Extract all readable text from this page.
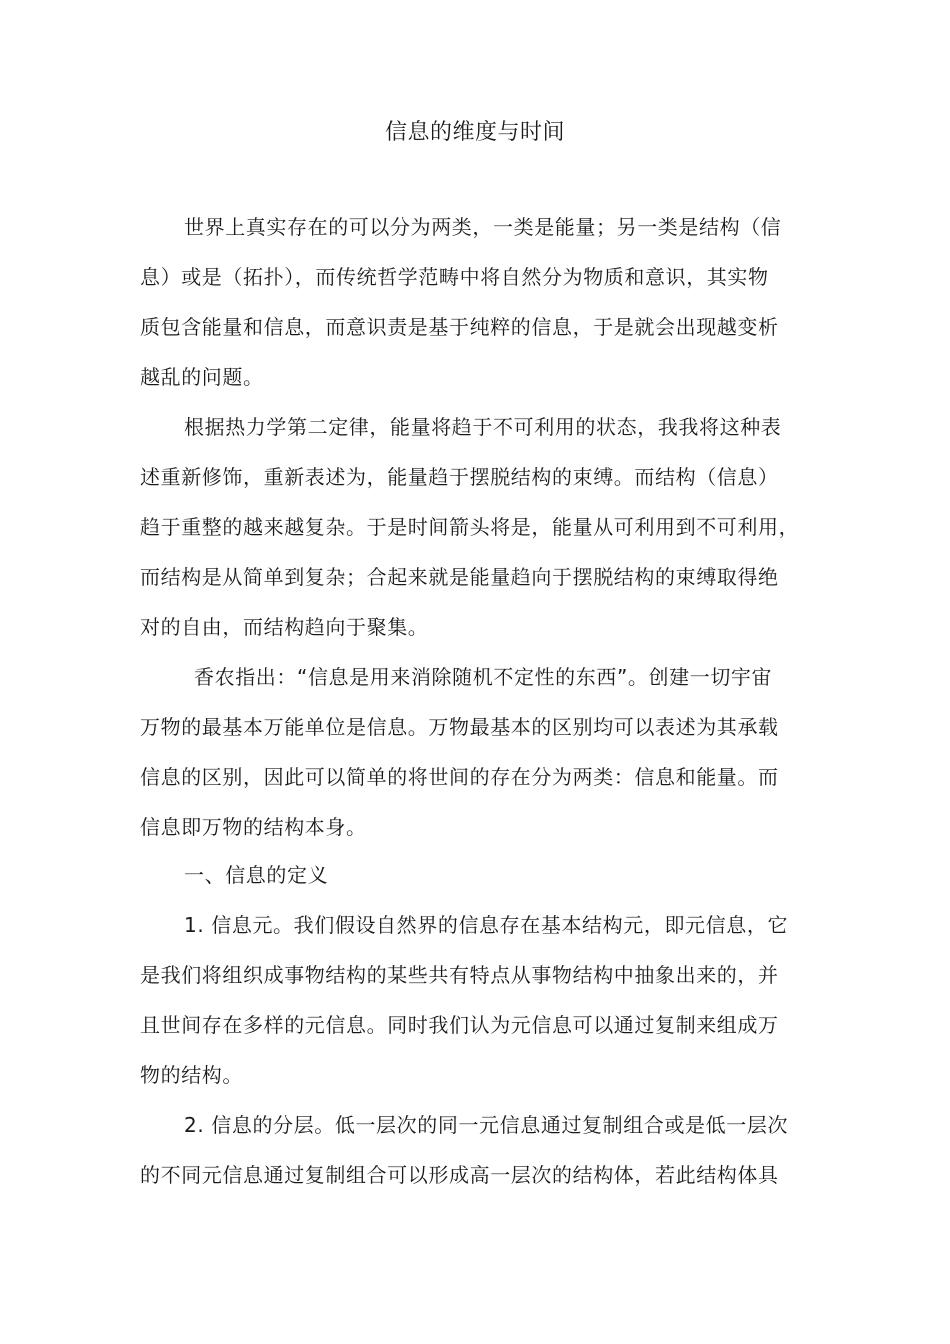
信息的维度与时间
世界上真实存在的可以分为两类，一类是能量；另一类是结构（信
息）或是（拓扑），而传统哲学范畴中将自然分为物质和意识，其实物
质包含能量和信息，而意识责是基于纯粹的信息，于是就会出现越变析
越乱的问题。
根据热力学第二定律，能量将趋于不可利用的状态，我我将这种表
述重新修饰，重新表述为，能量趋于摆脱结构的束缚。而结构（信息）
趋于重整的越来越复杂。于是时间箭头将是，能量从可利用到不可利用，
而结构是从简单到复杂；合起来就是能量趋向于摆脱结构的束缚取得绝
对的自由，而结构趋向于聚集。
香农指出：“信息是用来消除随机不定性的东西”。创建一切宇宙
万物的最基本万能单位是信息。万物最基本的区别均可以表述为其承载
信息的区别，因此可以简单的将世间的存在分为两类：信息和能量。而
信息即万物的结构本身。
一、信息的定义
1. 信息元。我们假设自然界的信息存在基本结构元，即元信息，它
是我们将组织成事物结构的某些共有特点从事物结构中抽象出来的，并
且世间存在多样的元信息。同时我们认为元信息可以通过复制来组成万
物的结构。
2. 信息的分层。低一层次的同一元信息通过复制组合或是低一层次
的不同元信息通过复制组合可以形成高一层次的结构体，若此结构体具
